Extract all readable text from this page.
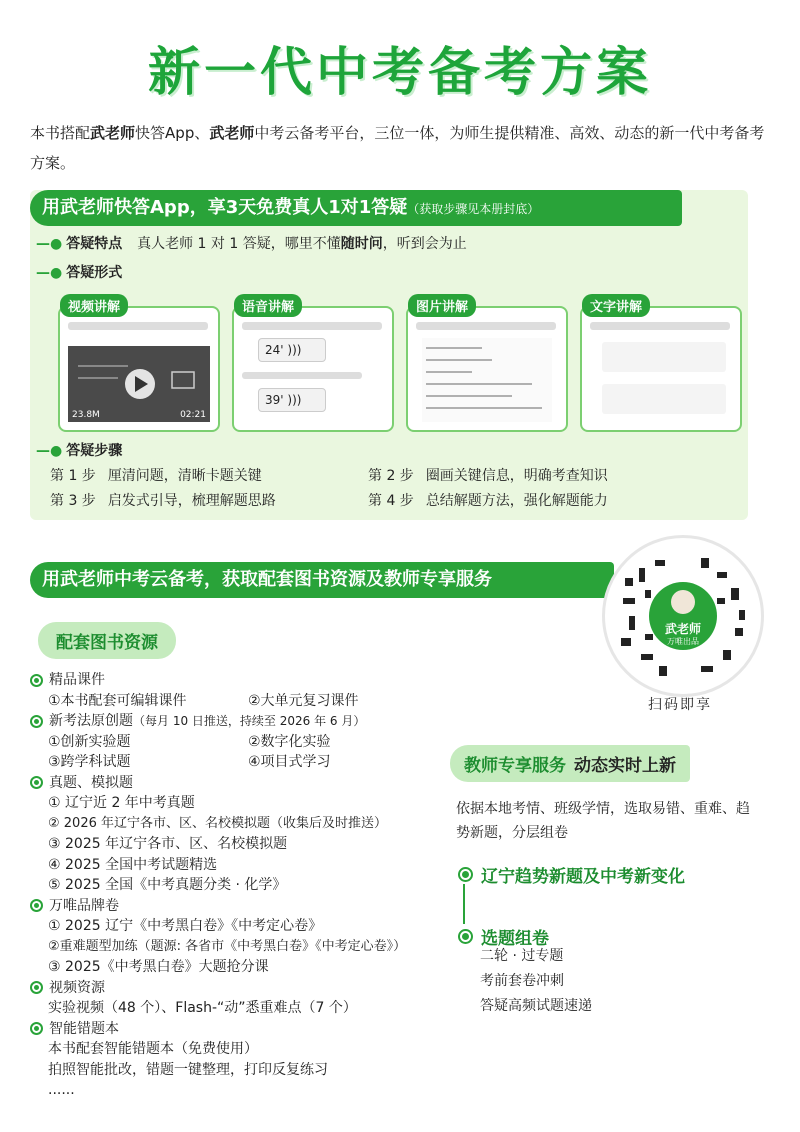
新一代中考备考方案
本书搭配武老师快答App、武老师中考云备考平台，三位一体，为师生提供精准、高效、动态的新一代中考备考方案。
用武老师快答App，享3天免费真人1对1答疑（获取步骤见本册封底）
—● 答疑特点 真人老师 1 对 1 答疑，哪里不懂随时问，听到会为止
—● 答疑形式
视频讲解
23.8M	02:21
语音讲解
24' )))
39' )))
图片讲解	文字讲解
—● 答疑步骤
第 1 步 厘清问题，清晰卡题关键	第 2 步 圈画关键信息，明确考查知识
第 3 步 启发式引导，梳理解题思路	第 4 步 总结解题方法，强化解题能力
用武老师中考云备考，获取配套图书资源及教师专享服务
武老师
万唯出品
扫码即享
配套图书资源
精品课件
①本书配套可编辑课件	②大单元复习课件
新考法原创题 （每月 10 日推送，持续至 2026 年 6 月）
①创新实验题	②数字化实验
③跨学科试题	④项目式学习
真题、模拟题
① 辽宁近 2 年中考真题
② 2026 年辽宁各市、区、名校模拟题（收集后及时推送）
③ 2025 年辽宁各市、区、名校模拟题
④ 2025 全国中考试题精选
⑤ 2025 全国《中考真题分类 · 化学》
万唯品牌卷
① 2025 辽宁《中考黑白卷》《中考定心卷》
②重难题型加练（题源: 各省市《中考黑白卷》《中考定心卷》）
③ 2025《中考黑白卷》大题抢分课
视频资源
实验视频（48 个）、Flash-“动”悉重难点（7 个）
智能错题本
本书配套智能错题本（免费使用）
拍照智能批改，错题一键整理，打印反复练习
......
教师专享服务 动态实时上新
依据本地考情、班级学情，选取易错、重难、趋势新题，分层组卷
辽宁趋势新题及中考新变化
选题组卷
二轮 · 过专题
考前套卷冲刺
答疑高频试题速递
